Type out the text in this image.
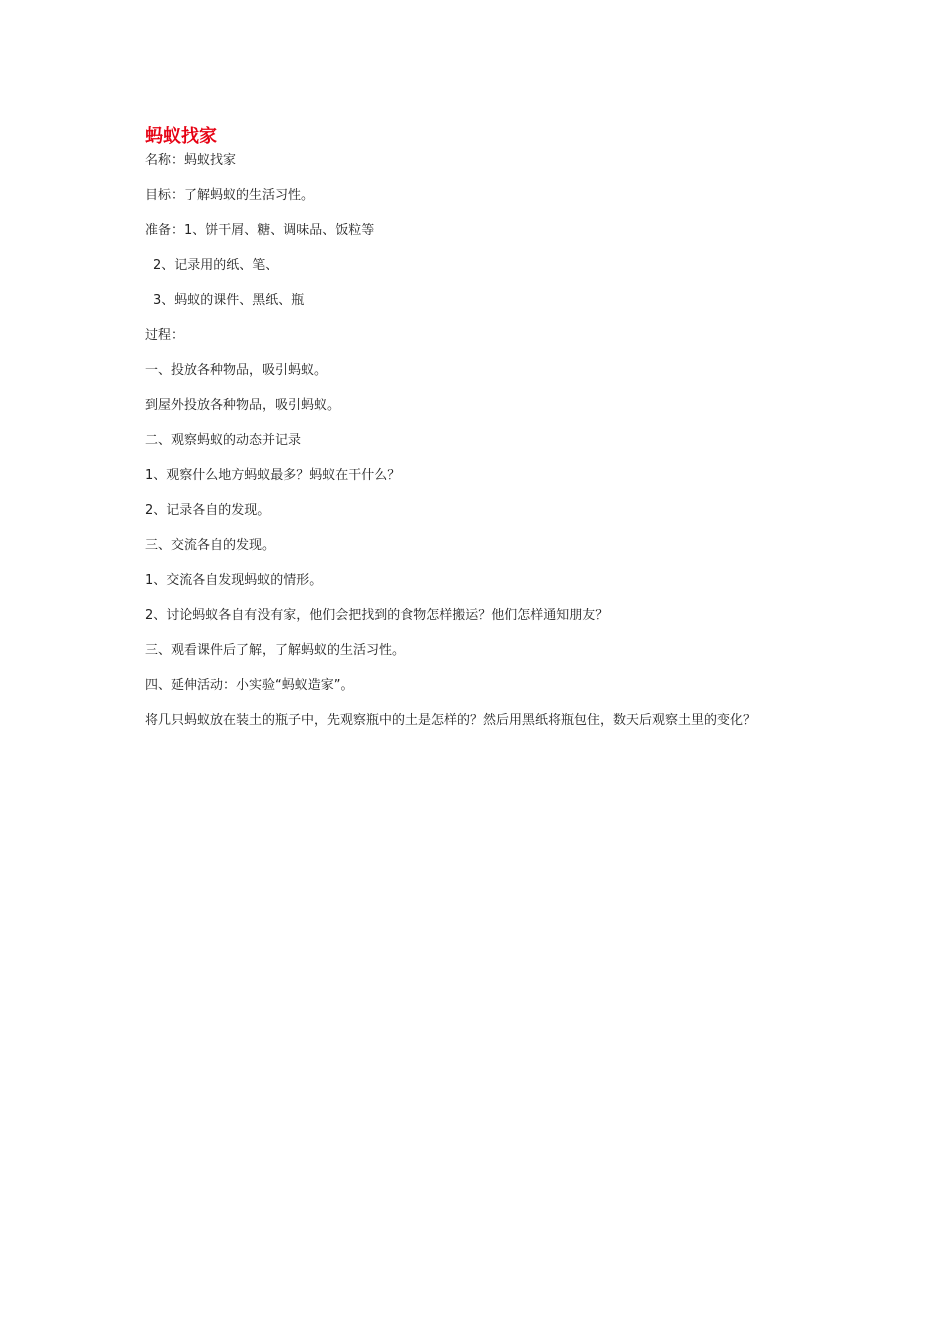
蚂蚁找家

名称：蚂蚁找家

目标：了解蚂蚁的生活习性。

准备：1、饼干屑、糖、调味品、饭粒等

2、记录用的纸、笔、

3、蚂蚁的课件、黑纸、瓶

过程：

一、投放各种物品，吸引蚂蚁。

到屋外投放各种物品，吸引蚂蚁。

二、观察蚂蚁的动态并记录

1、观察什么地方蚂蚁最多？蚂蚁在干什么？

2、记录各自的发现。

三、交流各自的发现。

1、交流各自发现蚂蚁的情形。

2、讨论蚂蚁各自有没有家，他们会把找到的食物怎样搬运？他们怎样通知朋友？

三、观看课件后了解，了解蚂蚁的生活习性。

四、延伸活动：小实验“蚂蚁造家”。

将几只蚂蚁放在装土的瓶子中，先观察瓶中的土是怎样的？然后用黑纸将瓶包住，数天后观察土里的变化？
